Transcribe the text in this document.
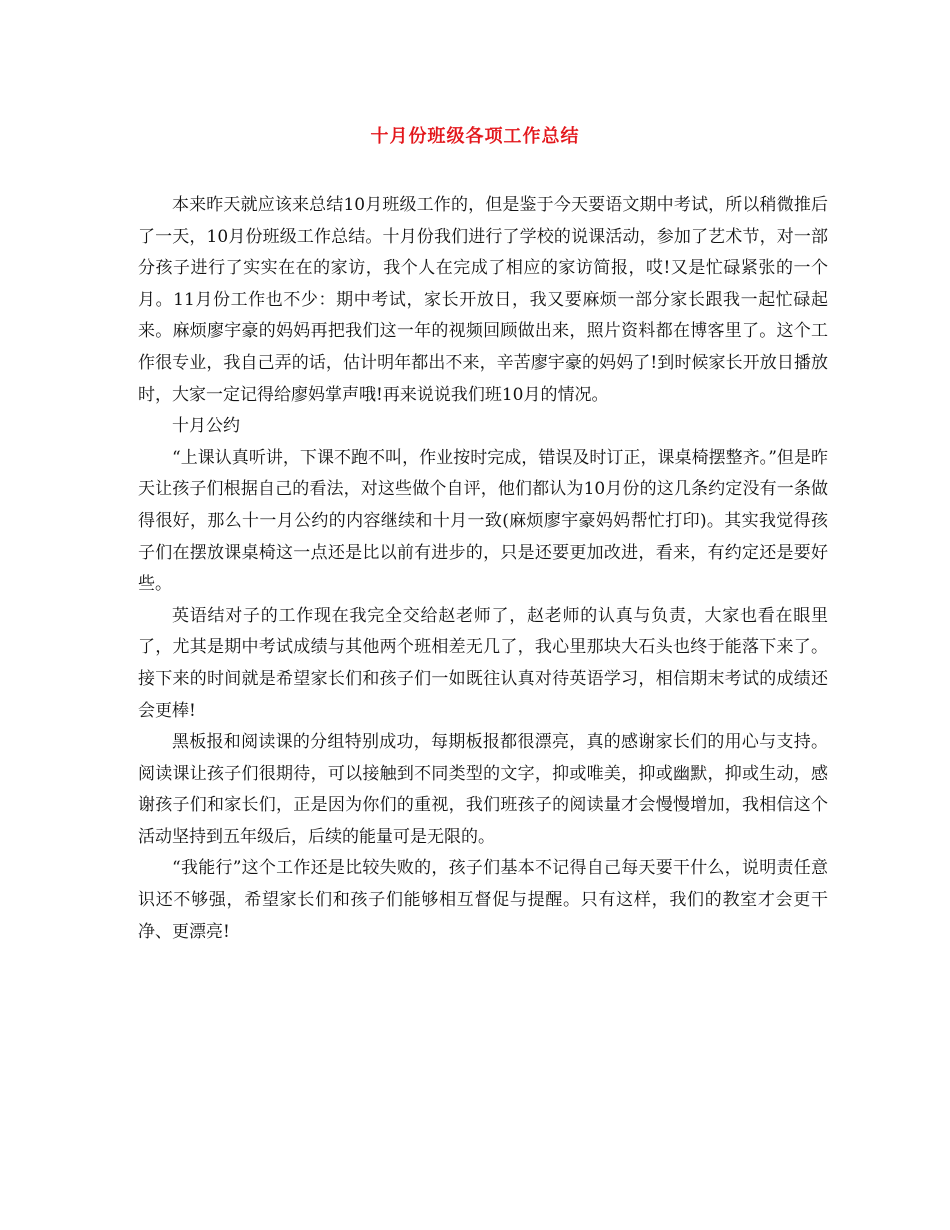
十月份班级各项工作总结

本来昨天就应该来总结10月班级工作的，但是鉴于今天要语文期中考试，所以稍微推后了一天，10月份班级工作总结。十月份我们进行了学校的说课活动，参加了艺术节，对一部分孩子进行了实实在在的家访，我个人在完成了相应的家访简报，哎!又是忙碌紧张的一个月。11月份工作也不少：期中考试，家长开放日，我又要麻烦一部分家长跟我一起忙碌起来。麻烦廖宇豪的妈妈再把我们这一年的视频回顾做出来，照片资料都在博客里了。这个工作很专业，我自己弄的话，估计明年都出不来，辛苦廖宇豪的妈妈了!到时候家长开放日播放时，大家一定记得给廖妈掌声哦!再来说说我们班10月的情况。

十月公约

“上课认真听讲，下课不跑不叫，作业按时完成，错误及时订正，课桌椅摆整齐。”但是昨天让孩子们根据自己的看法，对这些做个自评，他们都认为10月份的这几条约定没有一条做得很好，那么十一月公约的内容继续和十月一致(麻烦廖宇豪妈妈帮忙打印)。其实我觉得孩子们在摆放课桌椅这一点还是比以前有进步的，只是还要更加改进，看来，有约定还是要好些。

英语结对子的工作现在我完全交给赵老师了，赵老师的认真与负责，大家也看在眼里了，尤其是期中考试成绩与其他两个班相差无几了，我心里那块大石头也终于能落下来了。接下来的时间就是希望家长们和孩子们一如既往认真对待英语学习，相信期末考试的成绩还会更棒!

黑板报和阅读课的分组特别成功，每期板报都很漂亮，真的感谢家长们的用心与支持。阅读课让孩子们很期待，可以接触到不同类型的文字，抑或唯美，抑或幽默，抑或生动，感谢孩子们和家长们，正是因为你们的重视，我们班孩子的阅读量才会慢慢增加，我相信这个活动坚持到五年级后，后续的能量可是无限的。

“我能行”这个工作还是比较失败的，孩子们基本不记得自己每天要干什么，说明责任意识还不够强，希望家长们和孩子们能够相互督促与提醒。只有这样，我们的教室才会更干净、更漂亮!
